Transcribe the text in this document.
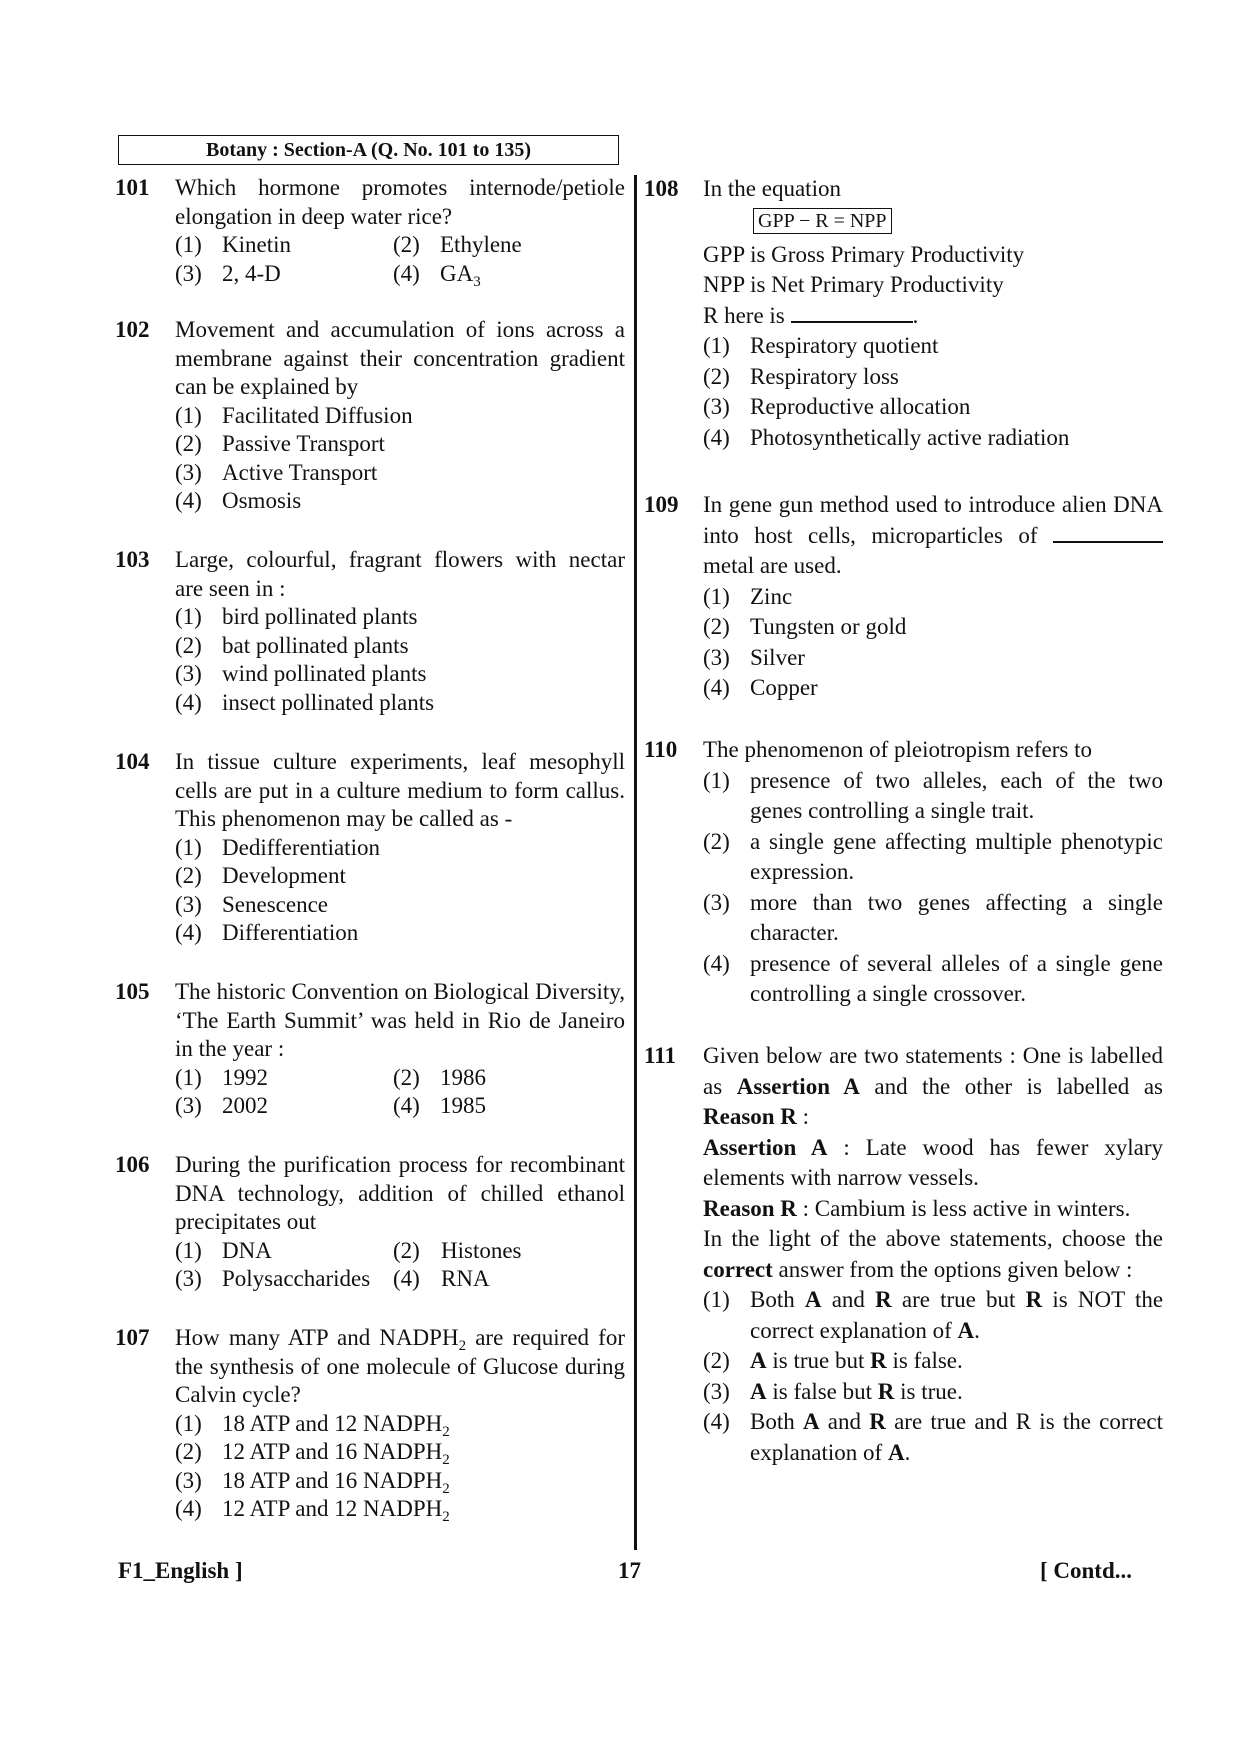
Botany : Section-A (Q. No. 101 to 135)
101 Which hormone promotes internode/petiole elongation in deep water rice?
(1) Kinetin	(2) Ethylene
(3) 2, 4-D	(4) $GA_3$
102 Movement and accumulation of ions across a membrane against their concentration gradient can be explained by
(1) Facilitated Diffusion
(2) Passive Transport
(3) Active Transport
(4) Osmosis
103 Large, colourful, fragrant flowers with nectar are seen in :
(1) bird pollinated plants
(2) bat pollinated plants
(3) wind pollinated plants
(4) insect pollinated plants
104 In tissue culture experiments, leaf mesophyll cells are put in a culture medium to form callus. This phenomenon may be called as -
(1) Dedifferentiation
(2) Development
(3) Senescence
(4) Differentiation
105 The historic Convention on Biological Diversity, ‘The Earth Summit’ was held in Rio de Janeiro in the year :
(1) 1992	(2) 1986
(3) 2002	(4) 1985
106 During the purification process for recombinant DNA technology, addition of chilled ethanol precipitates out
(1) DNA	(2) Histones
(3) Polysaccharides (4) RNA
107 How many ATP and $NADPH_2$ are required for the synthesis of one molecule of Glucose during Calvin cycle?
(1) 18 ATP and 12 $NADPH_2$
(2) 12 ATP and 16 $NADPH_2$
(3) 18 ATP and 16 $NADPH_2$
(4) 12 ATP and 12 $NADPH_2$
108 In the equation
GPP − R = NPP
GPP is Gross Primary Productivity
NPP is Net Primary Productivity
R here is	.
(1) Respiratory quotient
(2) Respiratory loss
(3) Reproductive allocation
(4) Photosynthetically active radiation
109 In gene gun method used to introduce alien DNA into host cells, microparticles of  metal are used.
(1) Zinc
(2) Tungsten or gold
(3) Silver
(4) Copper
110 The phenomenon of pleiotropism refers to
(1) presence of two alleles, each of the two genes controlling a single trait.
(2) a single gene affecting multiple phenotypic expression.
(3) more than two genes affecting a single character.
(4) presence of several alleles of a single gene controlling a single crossover.
111 Given below are two statements : One is labelled as Assertion A and the other is labelled as Reason R :
Assertion A : Late wood has fewer xylary elements with narrow vessels.
Reason R : Cambium is less active in winters.
In the light of the above statements, choose the correct answer from the options given below :
(1) Both A and R are true but R is NOT the correct explanation of A.
(2) A is true but R is false.
(3) A is false but R is true.
(4) Both A and R are true and R is the correct explanation of A.
F1_English ]	17	[ Contd...
